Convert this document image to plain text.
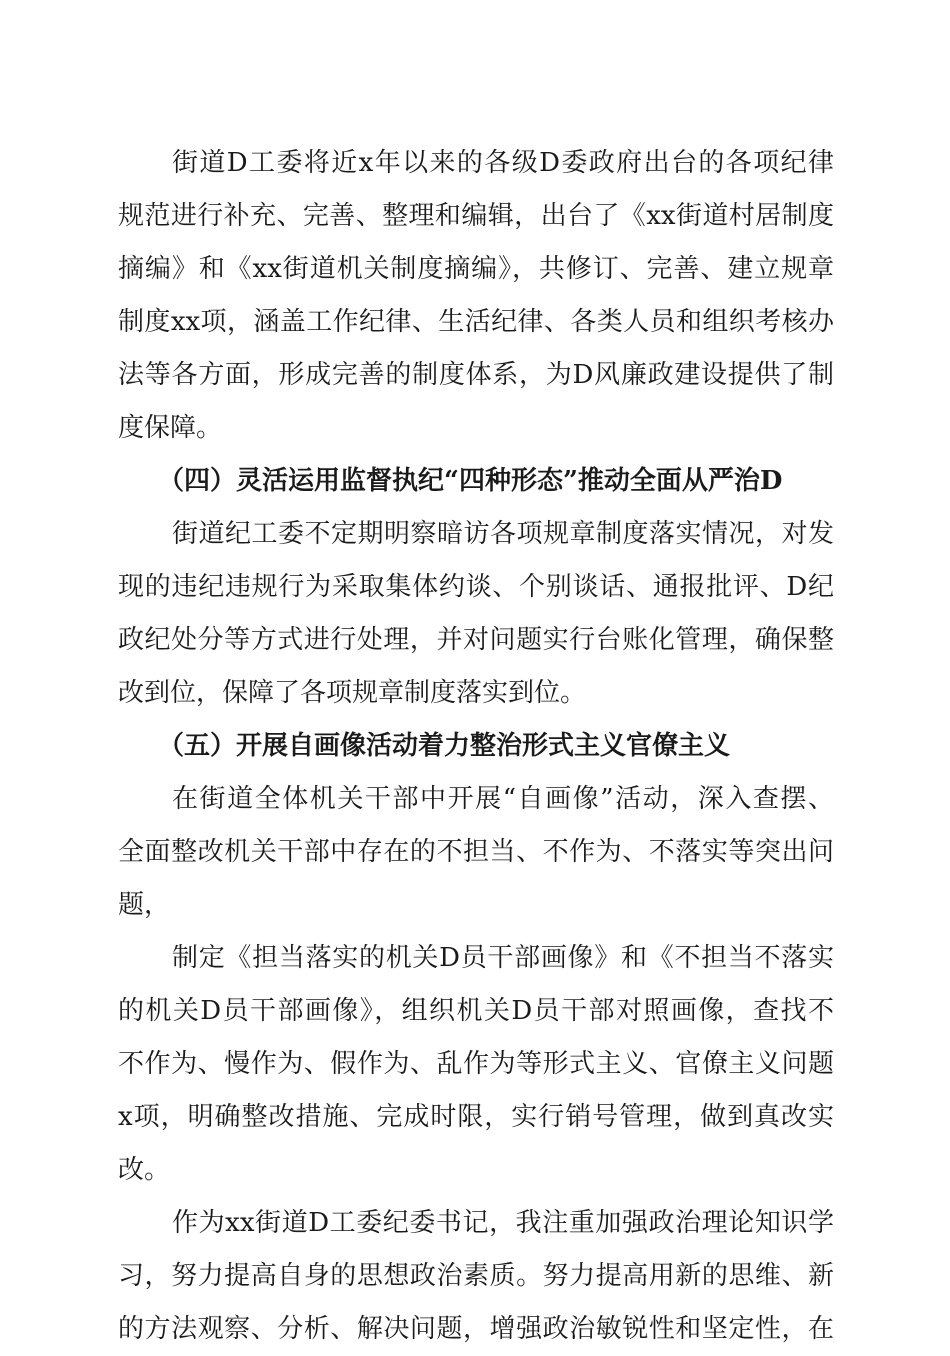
街道D工委将近x年以来的各级D委政府出台的各项纪律
规范进行补充、完善、整理和编辑，出台了《xx街道村居制度
摘编》和《xx街道机关制度摘编》，共修订、完善、建立规章
制度xx项，涵盖工作纪律、生活纪律、各类人员和组织考核办
法等各方面，形成完善的制度体系，为D风廉政建设提供了制
度保障。
（四）灵活运用监督执纪“四种形态”推动全面从严治D
街道纪工委不定期明察暗访各项规章制度落实情况，对发
现的违纪违规行为采取集体约谈、个别谈话、通报批评、D纪
政纪处分等方式进行处理，并对问题实行台账化管理，确保整
改到位，保障了各项规章制度落实到位。
（五）开展自画像活动着力整治形式主义官僚主义
在街道全体机关干部中开展“自画像”活动，深入查摆、
全面整改机关干部中存在的不担当、不作为、不落实等突出问
题，
制定《担当落实的机关D员干部画像》和《不担当不落实
的机关D员干部画像》，组织机关D员干部对照画像，查找不
不作为、慢作为、假作为、乱作为等形式主义、官僚主义问题
x项，明确整改措施、完成时限，实行销号管理，做到真改实
改。
作为xx街道D工委纪委书记，我注重加强政治理论知识学
习，努力提高自身的思想政治素质。努力提高用新的思维、新
的方法观察、分析、解决问题，增强政治敏锐性和坚定性，在
